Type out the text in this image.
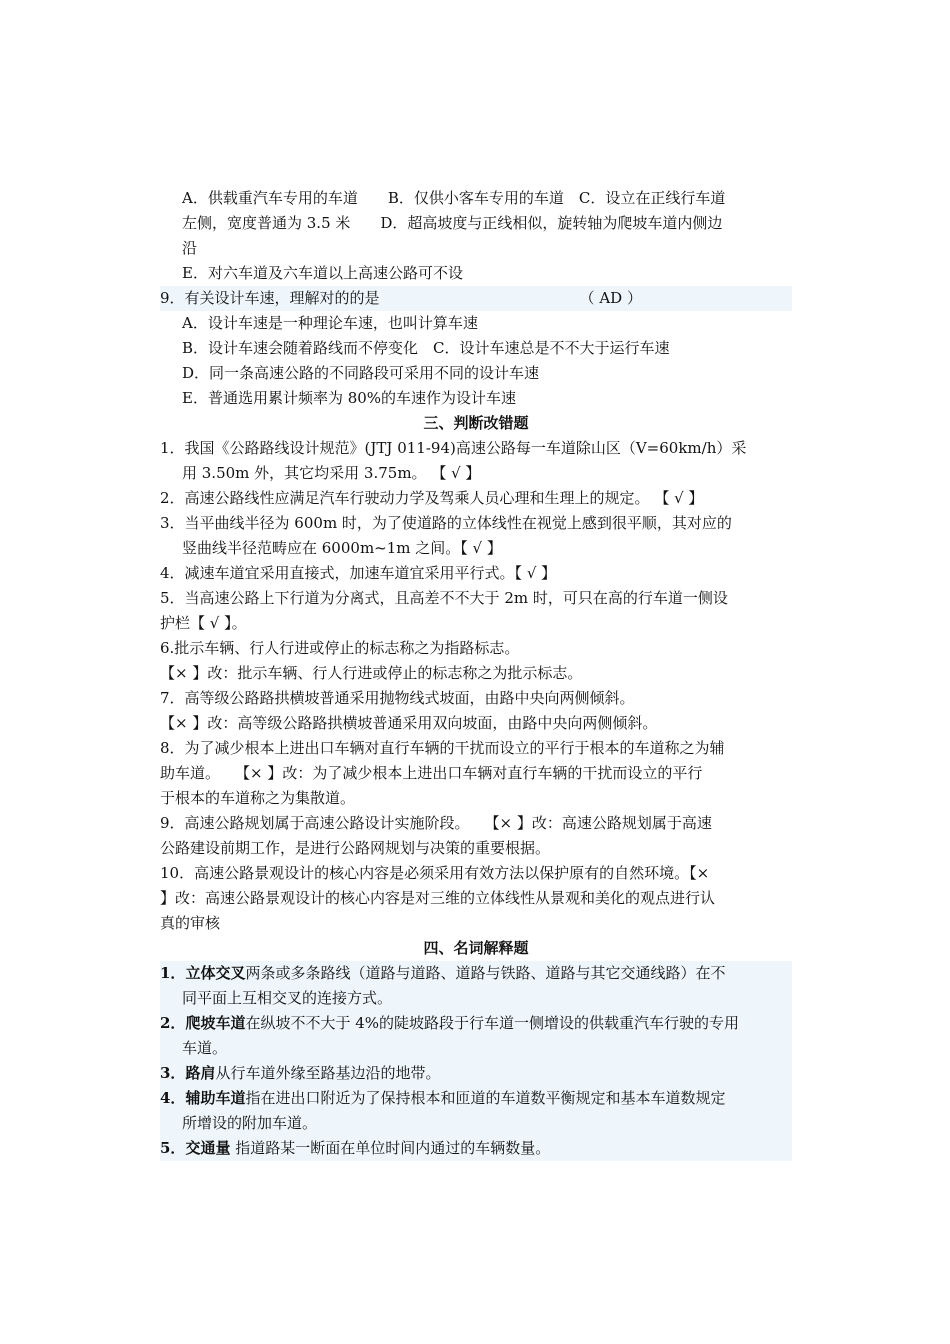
A．供载重汽车专用的车道　　B．仅供小客车专用的车道　C．设立在正线行车道
左侧，宽度普通为 3.5 米　　D．超高坡度与正线相似，旋转轴为爬坡车道内侧边
沿
E．对六车道及六车道以上高速公路可不设
9．有关设计车速，理解对的的是	（ AD ）
A．设计车速是一种理论车速，也叫计算车速
B．设计车速会随着路线而不停变化　C．设计车速总是不不大于运行车速
D．同一条高速公路的不同路段可采用不同的设计车速
E．普通选用累计频率为 80%的车速作为设计车速
三、判断改错题
1．我国《公路路线设计规范》(JTJ 011-94)高速公路每一车道除山区（V=60km/h）采
用 3.50m 外，其它均采用 3.75m。 【 √ 】
2．高速公路线性应满足汽车行驶动力学及驾乘人员心理和生理上的规定。 【 √ 】
3．当平曲线半径为 600m 时，为了使道路的立体线性在视觉上感到很平顺，其对应的
竖曲线半径范畴应在 6000m~1m 之间。【 √ 】
4．减速车道宜采用直接式，加速车道宜采用平行式。【 √ 】
5．当高速公路上下行道为分离式，且高差不不大于 2m 时，可只在高的行车道一侧设
护栏【 √ 】。
6.批示车辆、行人行进或停止的标志称之为指路标志。
【× 】改：批示车辆、行人行进或停止的标志称之为批示标志。
7．高等级公路路拱横坡普通采用抛物线式坡面，由路中央向两侧倾斜。
【× 】改：高等级公路路拱横坡普通采用双向坡面，由路中央向两侧倾斜。
8．为了减少根本上进出口车辆对直行车辆的干扰而设立的平行于根本的车道称之为辅
助车道。　　【× 】改：为了减少根本上进出口车辆对直行车辆的干扰而设立的平行
于根本的车道称之为集散道。
9．高速公路规划属于高速公路设计实施阶段。　　【× 】改：高速公路规划属于高速
公路建设前期工作，是进行公路网规划与决策的重要根据。
10．高速公路景观设计的核心内容是必须采用有效方法以保护原有的自然环境。【×
】改：高速公路景观设计的核心内容是对三维的立体线性从景观和美化的观点进行认
真的审核
四、名词解释题
1．立体交叉两条或多条路线（道路与道路、道路与铁路、道路与其它交通线路）在不
同平面上互相交叉的连接方式。
2．爬坡车道在纵坡不不大于 4%的陡坡路段于行车道一侧增设的供载重汽车行驶的专用
车道。
3．路肩从行车道外缘至路基边沿的地带。
4．辅助车道指在进出口附近为了保持根本和匝道的车道数平衡规定和基本车道数规定
所增设的附加车道。
5．交通量 指道路某一断面在单位时间内通过的车辆数量。
